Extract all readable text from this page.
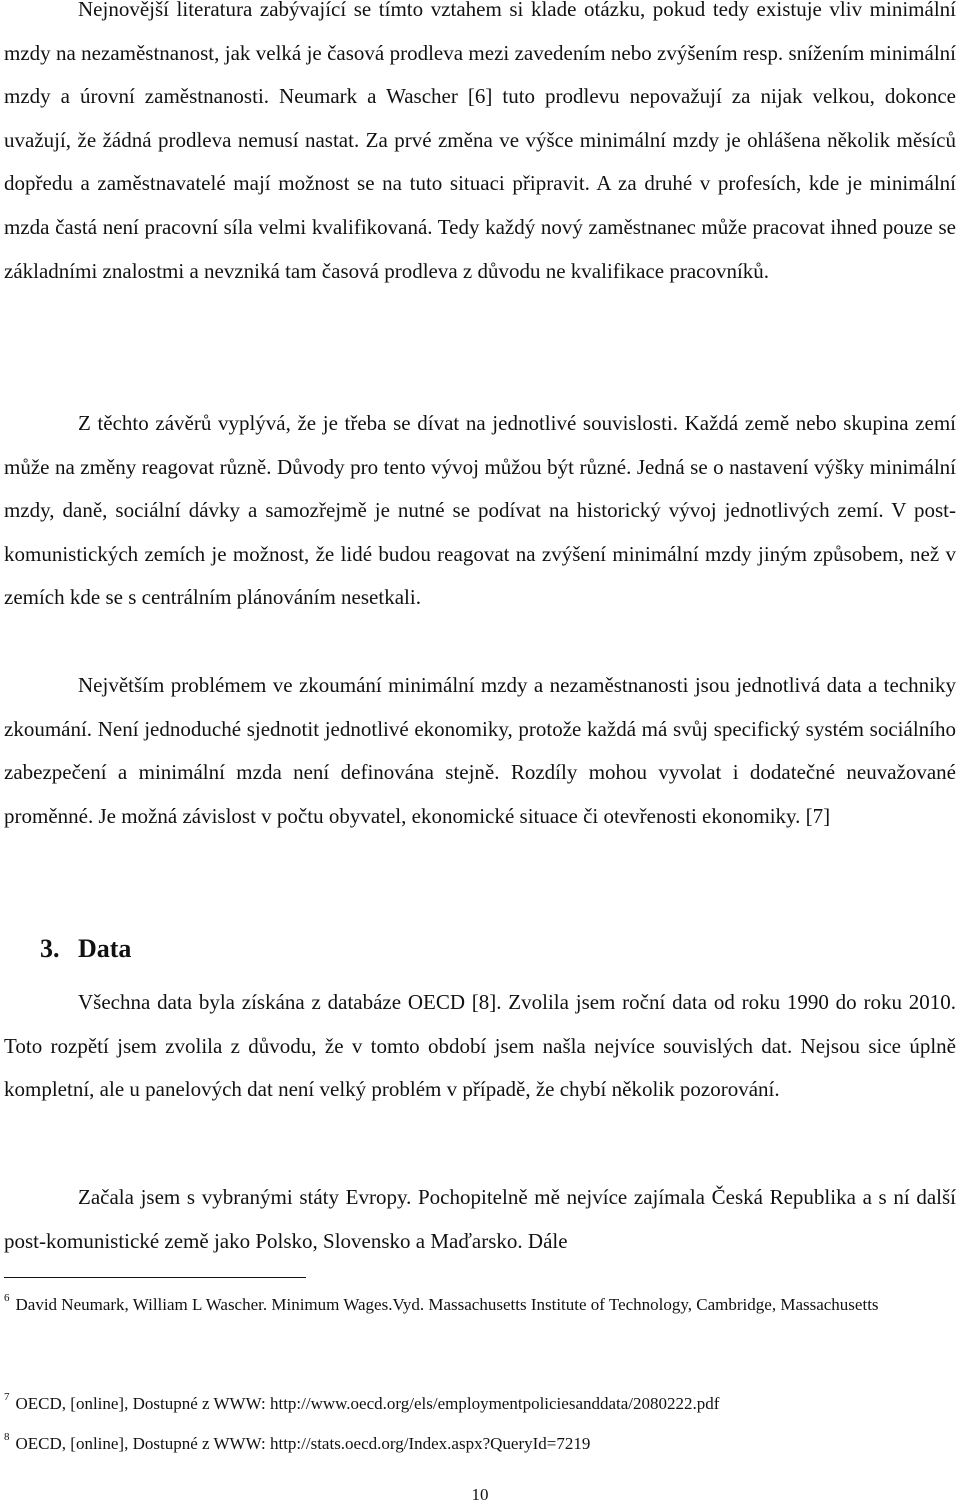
Nejnovější literatura zabývající se tímto vztahem si klade otázku, pokud tedy existuje vliv minimální mzdy na nezaměstnanost, jak velká je časová prodleva mezi zavedením nebo zvýšením resp. snížením minimální mzdy a úrovní zaměstnanosti. Neumark a Wascher [6] tuto prodlevu nepovažují za nijak velkou, dokonce uvažují, že žádná prodleva nemusí nastat. Za prvé změna ve výšce minimální mzdy je ohlášena několik měsíců dopředu a zaměstnavatelé mají možnost se na tuto situaci připravit. A za druhé v profesích, kde je minimální mzda častá není pracovní síla velmi kvalifikovaná. Tedy každý nový zaměstnanec může pracovat ihned pouze se základními znalostmi a nevzniká tam časová prodleva z důvodu ne kvalifikace pracovníků.

Z těchto závěrů vyplývá, že je třeba se dívat na jednotlivé souvislosti. Každá země nebo skupina zemí může na změny reagovat různě. Důvody pro tento vývoj můžou být různé. Jedná se o nastavení výšky minimální mzdy, daně, sociální dávky a samozřejmě je nutné se podívat na historický vývoj jednotlivých zemí. V post-komunistických zemích je možnost, že lidé budou reagovat na zvýšení minimální mzdy jiným způsobem, než v zemích kde se s centrálním plánováním nesetkali.

Největším problémem ve zkoumání minimální mzdy a nezaměstnanosti jsou jednotlivá data a techniky zkoumání. Není jednoduché sjednotit jednotlivé ekonomiky, protože každá má svůj specifický systém sociálního zabezpečení a minimální mzda není definována stejně. Rozdíly mohou vyvolat i dodatečné neuvažované proměnné. Je možná závislost v počtu obyvatel, ekonomické situace či otevřenosti ekonomiky. [7]

3. Data

Všechna data byla získána z databáze OECD [8]. Zvolila jsem roční data od roku 1990 do roku 2010. Toto rozpětí jsem zvolila z důvodu, že v tomto období jsem našla nejvíce souvislých dat. Nejsou sice úplně kompletní, ale u panelových dat není velký problém v případě, že chybí několik pozorování.

Začala jsem s vybranými státy Evropy. Pochopitelně mě nejvíce zajímala Česká Republika a s ní další post-komunistické země jako Polsko, Slovensko a Maďarsko. Dále

$^6$ David Neumark, William L Wascher. Minimum Wages.Vyd. Massachusetts Institute of Technology, Cambridge, Massachusetts

$^7$ OECD, [online], Dostupné z WWW: http://www.oecd.org/els/employmentpoliciesanddata/2080222.pdf

$^8$ OECD, [online], Dostupné z WWW: http://stats.oecd.org/Index.aspx?QueryId=7219

10
